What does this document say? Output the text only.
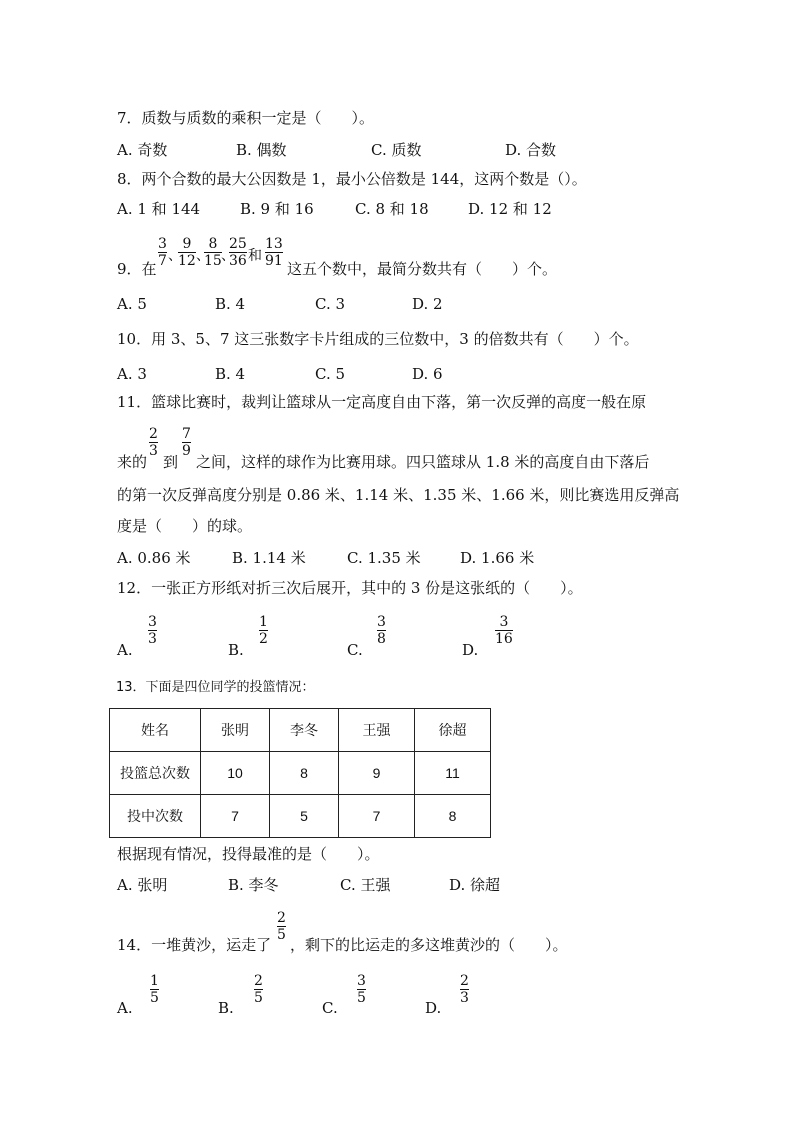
7．质数与质数的乘积一定是（　　）。
A. 奇数	B. 偶数	C. 质数	D. 合数
8．两个合数的最大公因数是 1，最小公倍数是 144，这两个数是（）。
A. 1 和 144	B. 9 和 16	C. 8 和 18	D. 12 和 12
9．在 $\frac{3}{7}$ 、
$\frac{9}{12}$ 、
$\frac{8}{15}$ 、
$\frac{25}{36}$ 和 $\frac{13}{91}$ 这五个数中，最简分数共有（　　）个。
A. 5	B. 4	C. 3	D. 2
10．用 3、5、7 这三张数字卡片组成的三位数中，3 的倍数共有（　　）个。
A. 3	B. 4	C. 5	D. 6
11．篮球比赛时，裁判让篮球从一定高度自由下落，第一次反弹的高度一般在原
来的
$\frac{2}{3}$
到
$\frac{7}{9}$
之间，这样的球作为比赛用球。四只篮球从 1.8 米的高度自由下落后
的第一次反弹高度分别是 0.86 米、1.14 米、1.35 米、1.66 米，则比赛选用反弹高
度是（　　）的球。
A. 0.86 米	B. 1.14 米	C. 1.35 米	D. 1.66 米
12．一张正方形纸对折三次后展开，其中的 3 份是这张纸的（　　）。
A.
$\frac{3}{3}$
B.
$\frac{1}{2}$
C.
$\frac{3}{8}$
D.
$\frac{3}{16}$
13．下面是四位同学的投篮情况：
姓名	张明	李冬	王强	徐超
投篮总次数	10	8	9	11
投中次数	7	5	7	8
根据现有情况，投得最准的是（　　）。
A. 张明	B. 李冬	C. 王强	D. 徐超
14．一堆黄沙，运走了
$\frac{2}{5}$
，剩下的比运走的多这堆黄沙的（　　）。
A.
$\frac{1}{5}$
B.
$\frac{2}{5}$
C.
$\frac{3}{5}$
D.
$\frac{2}{3}$
